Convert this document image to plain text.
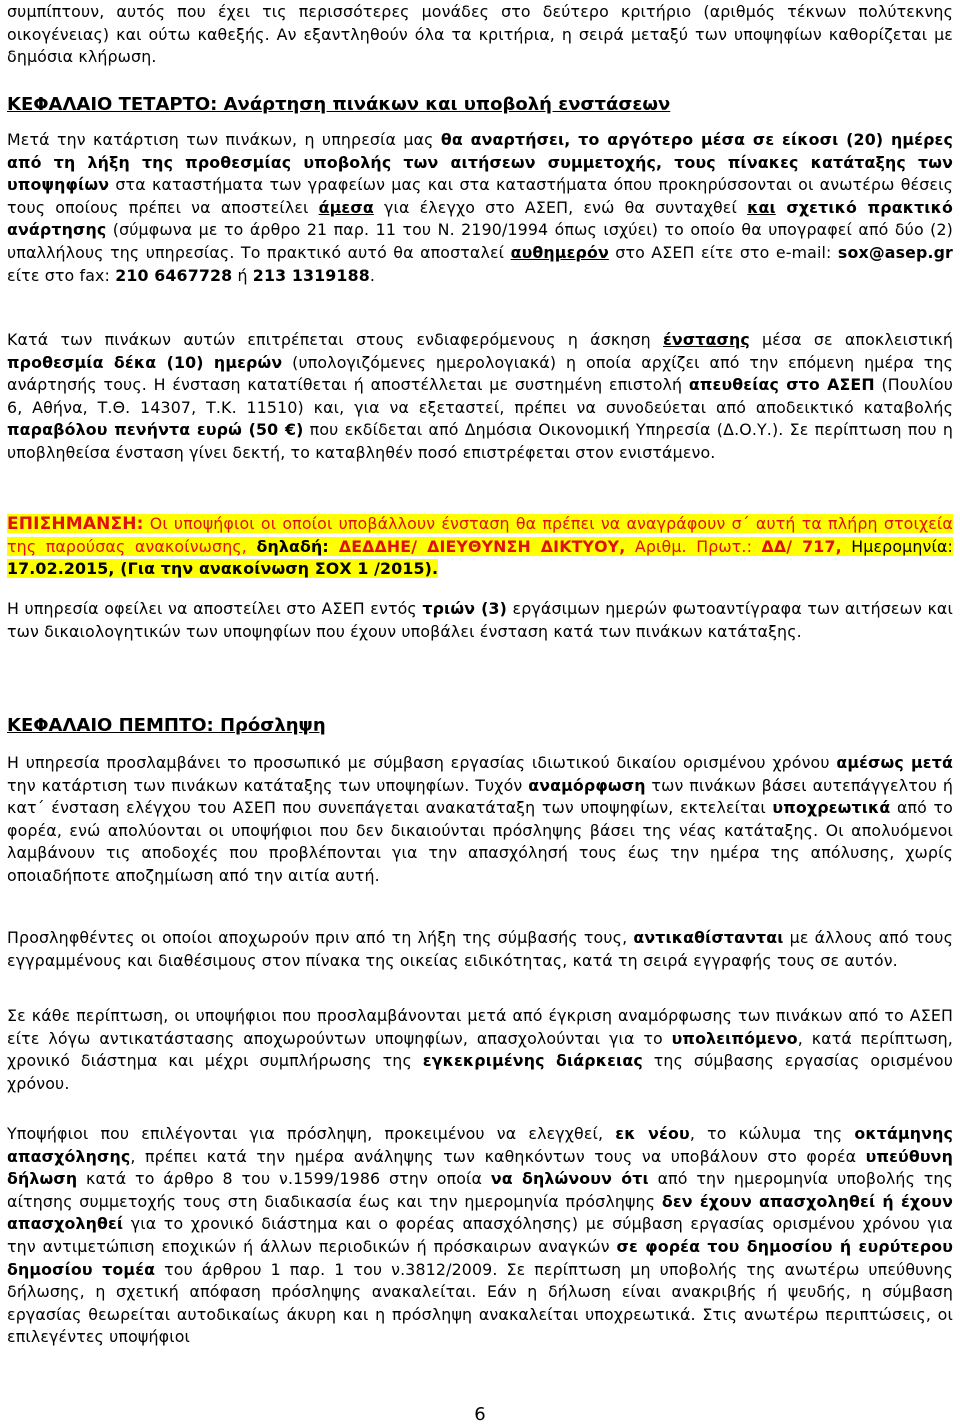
συμπίπτουν, αυτός που έχει τις περισσότερες μονάδες στο δεύτερο κριτήριο (αριθμός τέκνων πολύτεκνης οικογένειας) και ούτω καθεξής. Αν εξαντληθούν όλα τα κριτήρια, η σειρά μεταξύ των υποψηφίων καθορίζεται με δημόσια κλήρωση.

ΚΕΦΑΛΑΙΟ ΤΕΤΑΡΤΟ: Ανάρτηση πινάκων και υποβολή ενστάσεων

Μετά την κατάρτιση των πινάκων, η υπηρεσία μας θα αναρτήσει, το αργότερο μέσα σε είκοσι (20) ημέρες από τη λήξη της προθεσμίας υποβολής των αιτήσεων συμμετοχής, τους πίνακες κατάταξης των υποψηφίων στα καταστήματα των γραφείων μας και στα καταστήματα όπου προκηρύσσονται οι ανωτέρω θέσεις τους οποίους πρέπει να αποστείλει άμεσα για έλεγχο στο ΑΣΕΠ, ενώ θα συνταχθεί και σχετικό πρακτικό ανάρτησης (σύμφωνα με το άρθρο 21 παρ. 11 του Ν. 2190/1994 όπως ισχύει) το οποίο θα υπογραφεί από δύο (2) υπαλλήλους της υπηρεσίας. Το πρακτικό αυτό θα αποσταλεί αυθημερόν στο ΑΣΕΠ είτε στο e-mail: sox@asep.gr είτε στο fax: 210 6467728 ή 213 1319188.

Κατά των πινάκων αυτών επιτρέπεται στους ενδιαφερόμενους η άσκηση ένστασης μέσα σε αποκλειστική προθεσμία δέκα (10) ημερών (υπολογιζόμενες ημερολογιακά) η οποία αρχίζει από την επόμενη ημέρα της ανάρτησής τους. Η ένσταση κατατίθεται ή αποστέλλεται με συστημένη επιστολή απευθείας στο ΑΣΕΠ (Πουλίου 6, Αθήνα, Τ.Θ. 14307, Τ.Κ. 11510) και, για να εξεταστεί, πρέπει να συνοδεύεται από αποδεικτικό καταβολής παραβόλου πενήντα ευρώ (50 €) που εκδίδεται από Δημόσια Οικονομική Υπηρεσία (Δ.Ο.Υ.). Σε περίπτωση που η υποβληθείσα ένσταση γίνει δεκτή, το καταβληθέν ποσό επιστρέφεται στον ενιστάμενο.

ΕΠΙΣΗΜΑΝΣΗ: Οι υποψήφιοι οι οποίοι υποβάλλουν ένσταση θα πρέπει να αναγράφουν σ΄ αυτή τα πλήρη στοιχεία της παρούσας ανακοίνωσης, δηλαδή: ΔΕΔΔΗΕ/ ΔΙΕΥΘΥΝΣΗ ΔΙΚΤΥΟΥ, Αριθμ. Πρωτ.: ΔΔ/ 717, Ημερομηνία: 17.02.2015, (Για την ανακοίνωση ΣΟΧ 1 /2015).

Η υπηρεσία οφείλει να αποστείλει στο ΑΣΕΠ εντός τριών (3) εργάσιμων ημερών φωτοαντίγραφα των αιτήσεων και των δικαιολογητικών των υποψηφίων που έχουν υποβάλει ένσταση κατά των πινάκων κατάταξης.

ΚΕΦΑΛΑΙΟ ΠΕΜΠΤΟ: Πρόσληψη

Η υπηρεσία προσλαμβάνει το προσωπικό με σύμβαση εργασίας ιδιωτικού δικαίου ορισμένου χρόνου αμέσως μετά την κατάρτιση των πινάκων κατάταξης των υποψηφίων. Τυχόν αναμόρφωση των πινάκων βάσει αυτεπάγγελτου ή κατ΄ ένσταση ελέγχου του ΑΣΕΠ που συνεπάγεται ανακατάταξη των υποψηφίων, εκτελείται υποχρεωτικά από το φορέα, ενώ απολύονται οι υποψήφιοι που δεν δικαιούνται πρόσληψης βάσει της νέας κατάταξης. Οι απολυόμενοι λαμβάνουν τις αποδοχές που προβλέπονται για την απασχόλησή τους έως την ημέρα της απόλυσης, χωρίς οποιαδήποτε αποζημίωση από την αιτία αυτή.

Προσληφθέντες οι οποίοι αποχωρούν πριν από τη λήξη της σύμβασής τους, αντικαθίστανται με άλλους από τους εγγραμμένους και διαθέσιμους στον πίνακα της οικείας ειδικότητας, κατά τη σειρά εγγραφής τους σε αυτόν.

Σε κάθε περίπτωση, οι υποψήφιοι που προσλαμβάνονται μετά από έγκριση αναμόρφωσης των πινάκων από το ΑΣΕΠ είτε λόγω αντικατάστασης αποχωρούντων υποψηφίων, απασχολούνται για το υπολειπόμενο, κατά περίπτωση, χρονικό διάστημα και μέχρι συμπλήρωσης της εγκεκριμένης διάρκειας της σύμβασης εργασίας ορισμένου χρόνου.

Υποψήφιοι που επιλέγονται για πρόσληψη, προκειμένου να ελεγχθεί, εκ νέου, το κώλυμα της οκτάμηνης απασχόλησης, πρέπει κατά την ημέρα ανάληψης των καθηκόντων τους να υποβάλουν στο φορέα υπεύθυνη δήλωση κατά το άρθρο 8 του ν.1599/1986 στην οποία να δηλώνουν ότι από την ημερομηνία υποβολής της αίτησης συμμετοχής τους στη διαδικασία έως και την ημερομηνία πρόσληψης δεν έχουν απασχοληθεί ή έχουν απασχοληθεί για το χρονικό διάστημα και ο φορέας απασχόλησης) με σύμβαση εργασίας ορισμένου χρόνου για την αντιμετώπιση εποχικών ή άλλων περιοδικών ή πρόσκαιρων αναγκών σε φορέα του δημοσίου ή ευρύτερου δημοσίου τομέα του άρθρου 1 παρ. 1 του ν.3812/2009. Σε περίπτωση μη υποβολής της ανωτέρω υπεύθυνης δήλωσης, η σχετική απόφαση πρόσληψης ανακαλείται. Εάν η δήλωση είναι ανακριβής ή ψευδής, η σύμβαση εργασίας θεωρείται αυτοδικαίως άκυρη και η πρόσληψη ανακαλείται υποχρεωτικά. Στις ανωτέρω περιπτώσεις, οι επιλεγέντες υποψήφιοι

6
